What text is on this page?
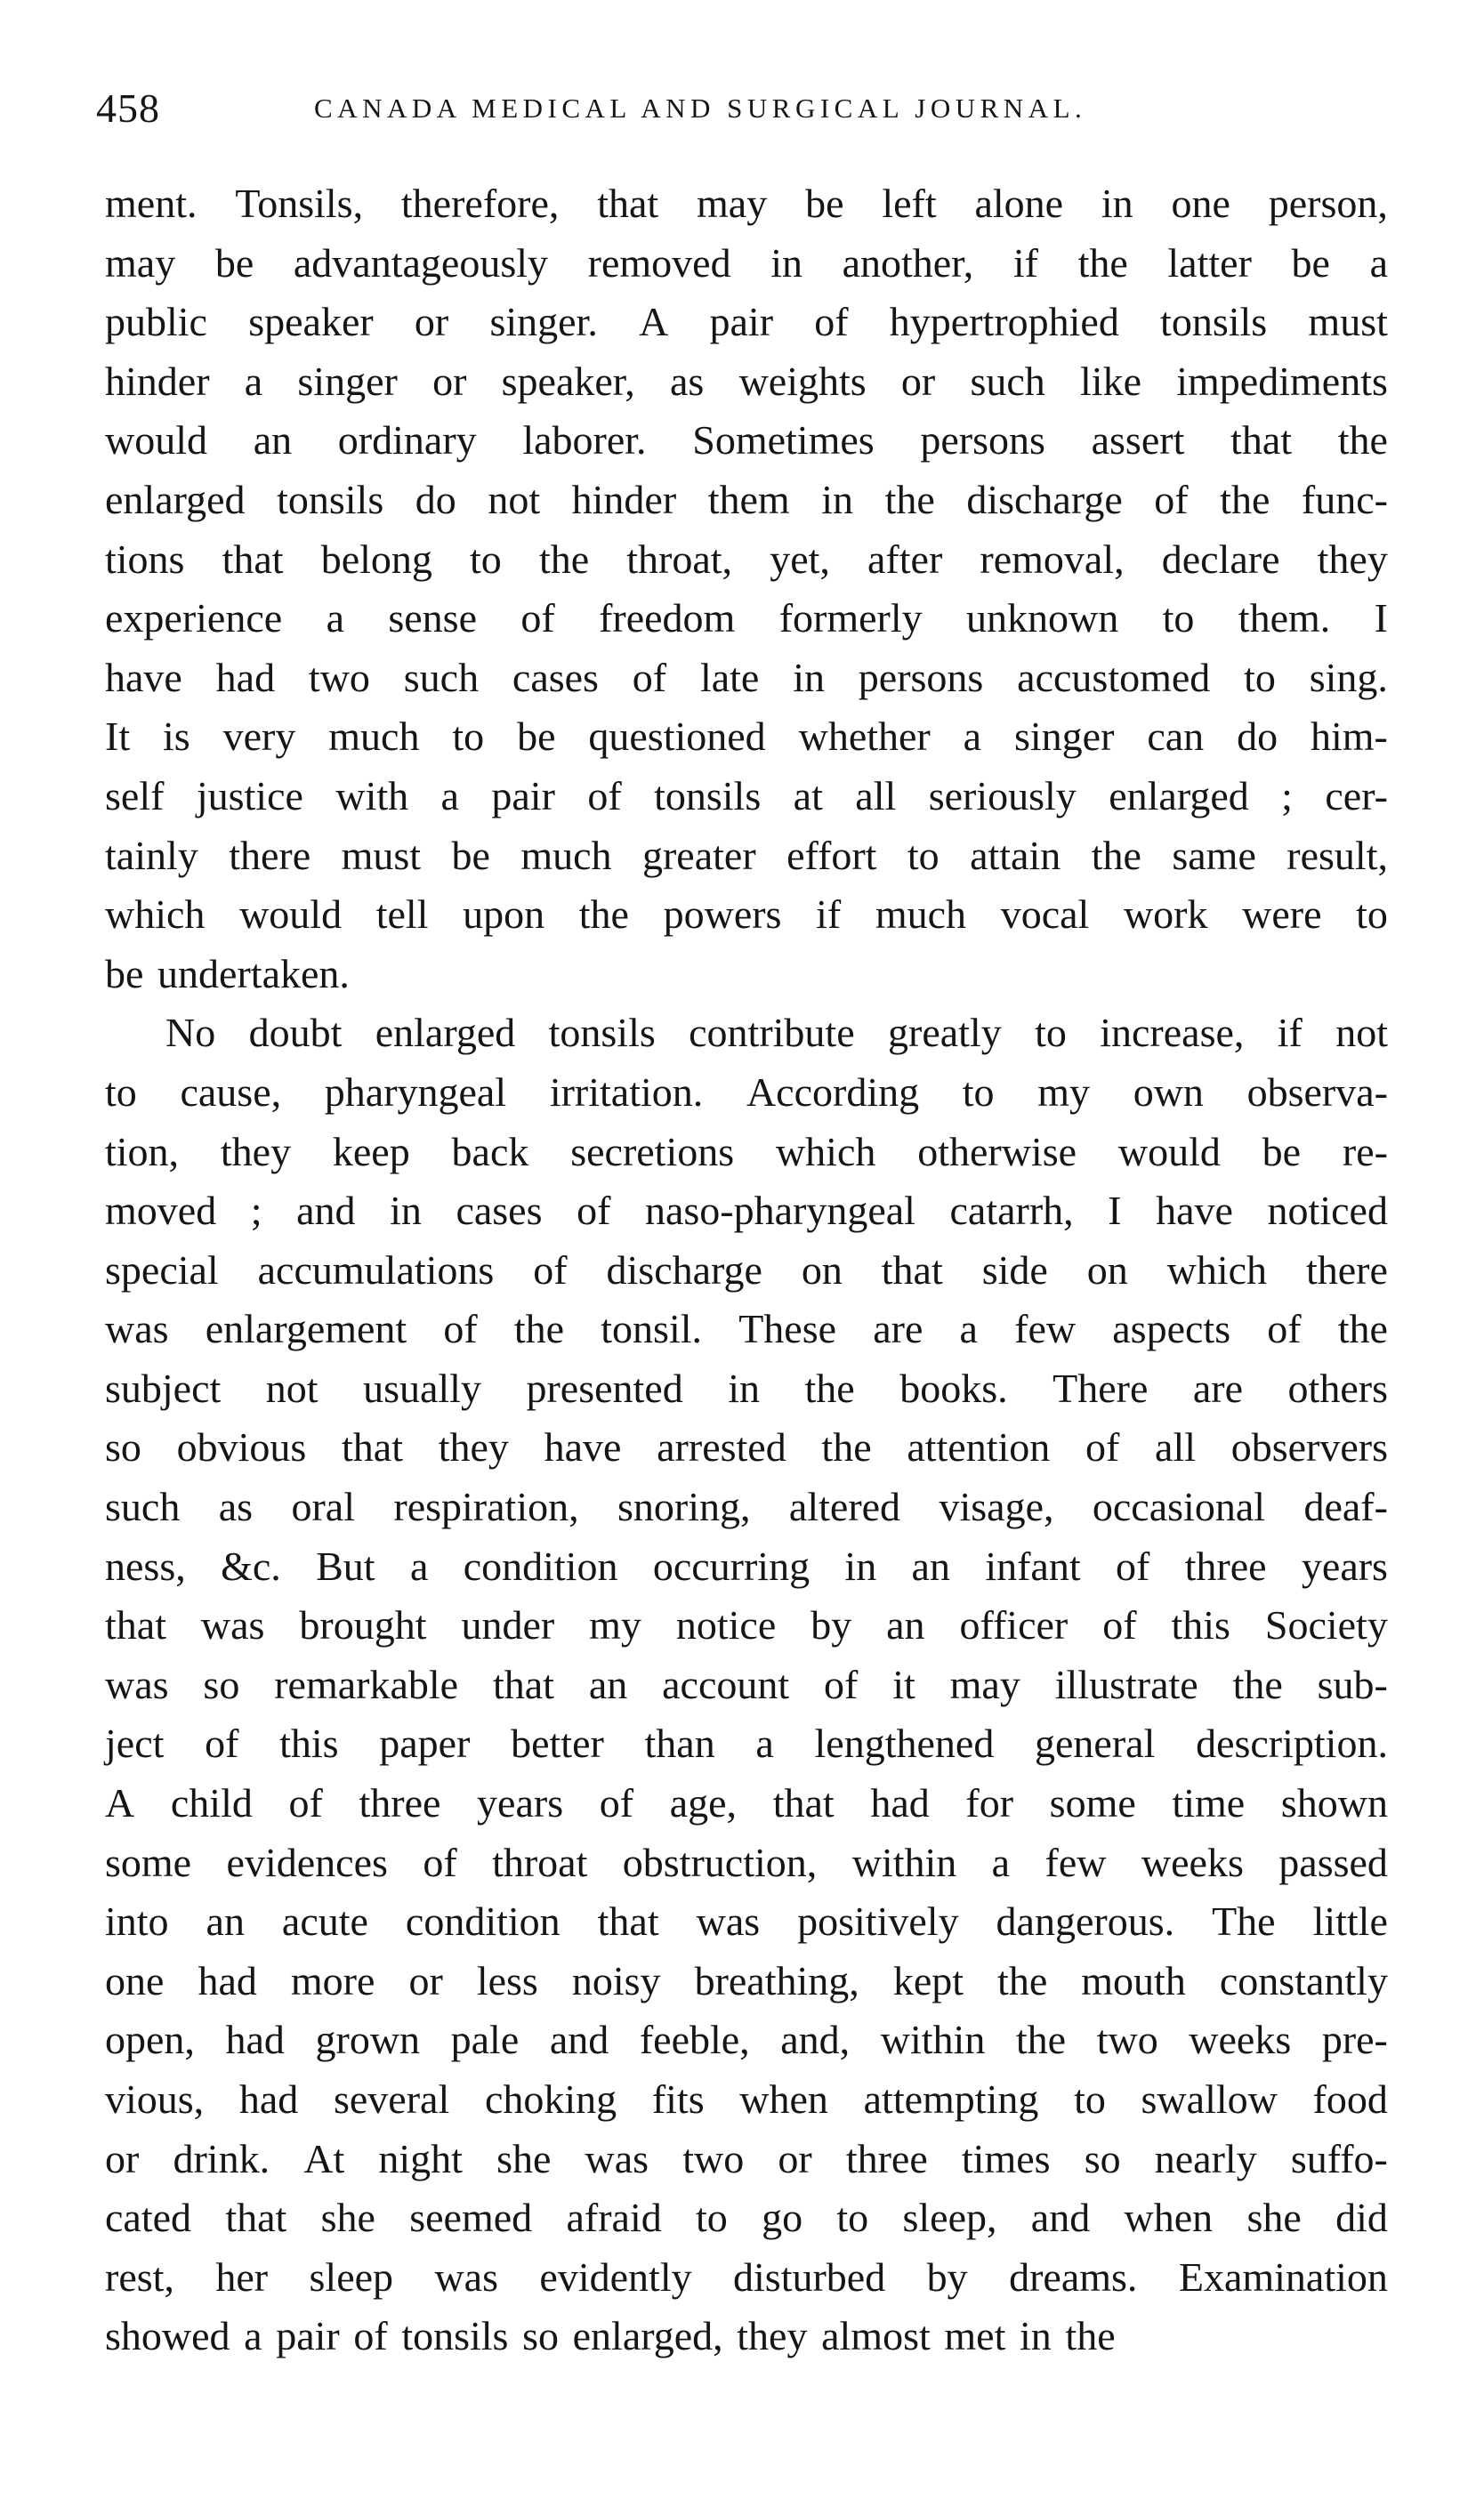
458	CANADA MEDICAL AND SURGICAL JOURNAL.
ment. Tonsils, therefore, that may be left alone in one person,
may be advantageously removed in another, if the latter be a
public speaker or singer. A pair of hypertrophied tonsils must
hinder a singer or speaker, as weights or such like impediments
would an ordinary laborer. Sometimes persons assert that the
enlarged tonsils do not hinder them in the discharge of the func-
tions that belong to the throat, yet, after removal, declare they
experience a sense of freedom formerly unknown to them. I
have had two such cases of late in persons accustomed to sing.
It is very much to be questioned whether a singer can do him-
self justice with a pair of tonsils at all seriously enlarged ; cer-
tainly there must be much greater effort to attain the same result,
which would tell upon the powers if much vocal work were to
be undertaken.
No doubt enlarged tonsils contribute greatly to increase, if not
to cause, pharyngeal irritation. According to my own observa-
tion, they keep back secretions which otherwise would be re-
moved ; and in cases of naso-pharyngeal catarrh, I have noticed
special accumulations of discharge on that side on which there
was enlargement of the tonsil. These are a few aspects of the
subject not usually presented in the books. There are others
so obvious that they have arrested the attention of all observers
such as oral respiration, snoring, altered visage, occasional deaf-
ness, &c. But a condition occurring in an infant of three years
that was brought under my notice by an officer of this Society
was so remarkable that an account of it may illustrate the sub-
ject of this paper better than a lengthened general description.
A child of three years of age, that had for some time shown
some evidences of throat obstruction, within a few weeks passed
into an acute condition that was positively dangerous. The little
one had more or less noisy breathing, kept the mouth constantly
open, had grown pale and feeble, and, within the two weeks pre-
vious, had several choking fits when attempting to swallow food
or drink. At night she was two or three times so nearly suffo-
cated that she seemed afraid to go to sleep, and when she did
rest, her sleep was evidently disturbed by dreams. Examination
showed a pair of tonsils so enlarged, they almost met in the
